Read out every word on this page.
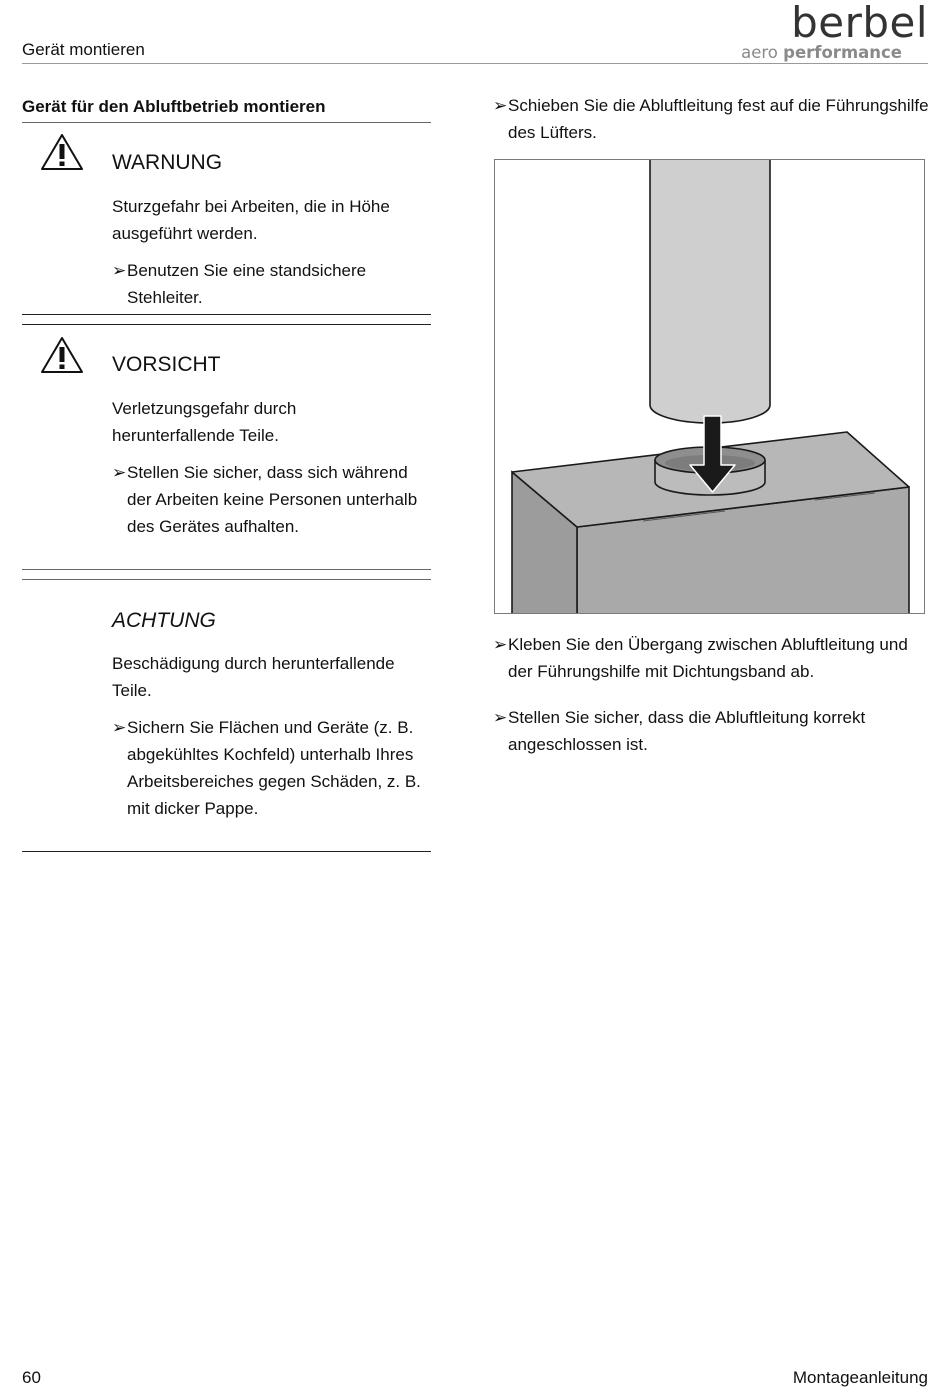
Gerät montieren
berbel
aero performance
Gerät für den Abluftbetrieb montieren
WARNUNG
Sturzgefahr bei Arbeiten, die in Höhe ausgeführt werden.
➢ Benutzen Sie eine standsichere Stehleiter.
VORSICHT
Verletzungsgefahr durch herunterfallende Teile.
➢ Stellen Sie sicher, dass sich während der Arbeiten keine Personen unterhalb des Gerätes aufhalten.
ACHTUNG
Beschädigung durch herunterfallende Teile.
➢ Sichern Sie Flächen und Geräte (z. B. abgekühltes Kochfeld) unterhalb Ihres Arbeitsbereiches gegen Schäden, z. B. mit dicker Pappe.
➢ Schieben Sie die Abluftleitung fest auf die Führungshilfe des Lüfters.
➢ Kleben Sie den Übergang zwischen Abluftleitung und der Führungshilfe mit Dichtungsband ab.
➢ Stellen Sie sicher, dass die Abluftleitung korrekt angeschlossen ist.
60	Montageanleitung
